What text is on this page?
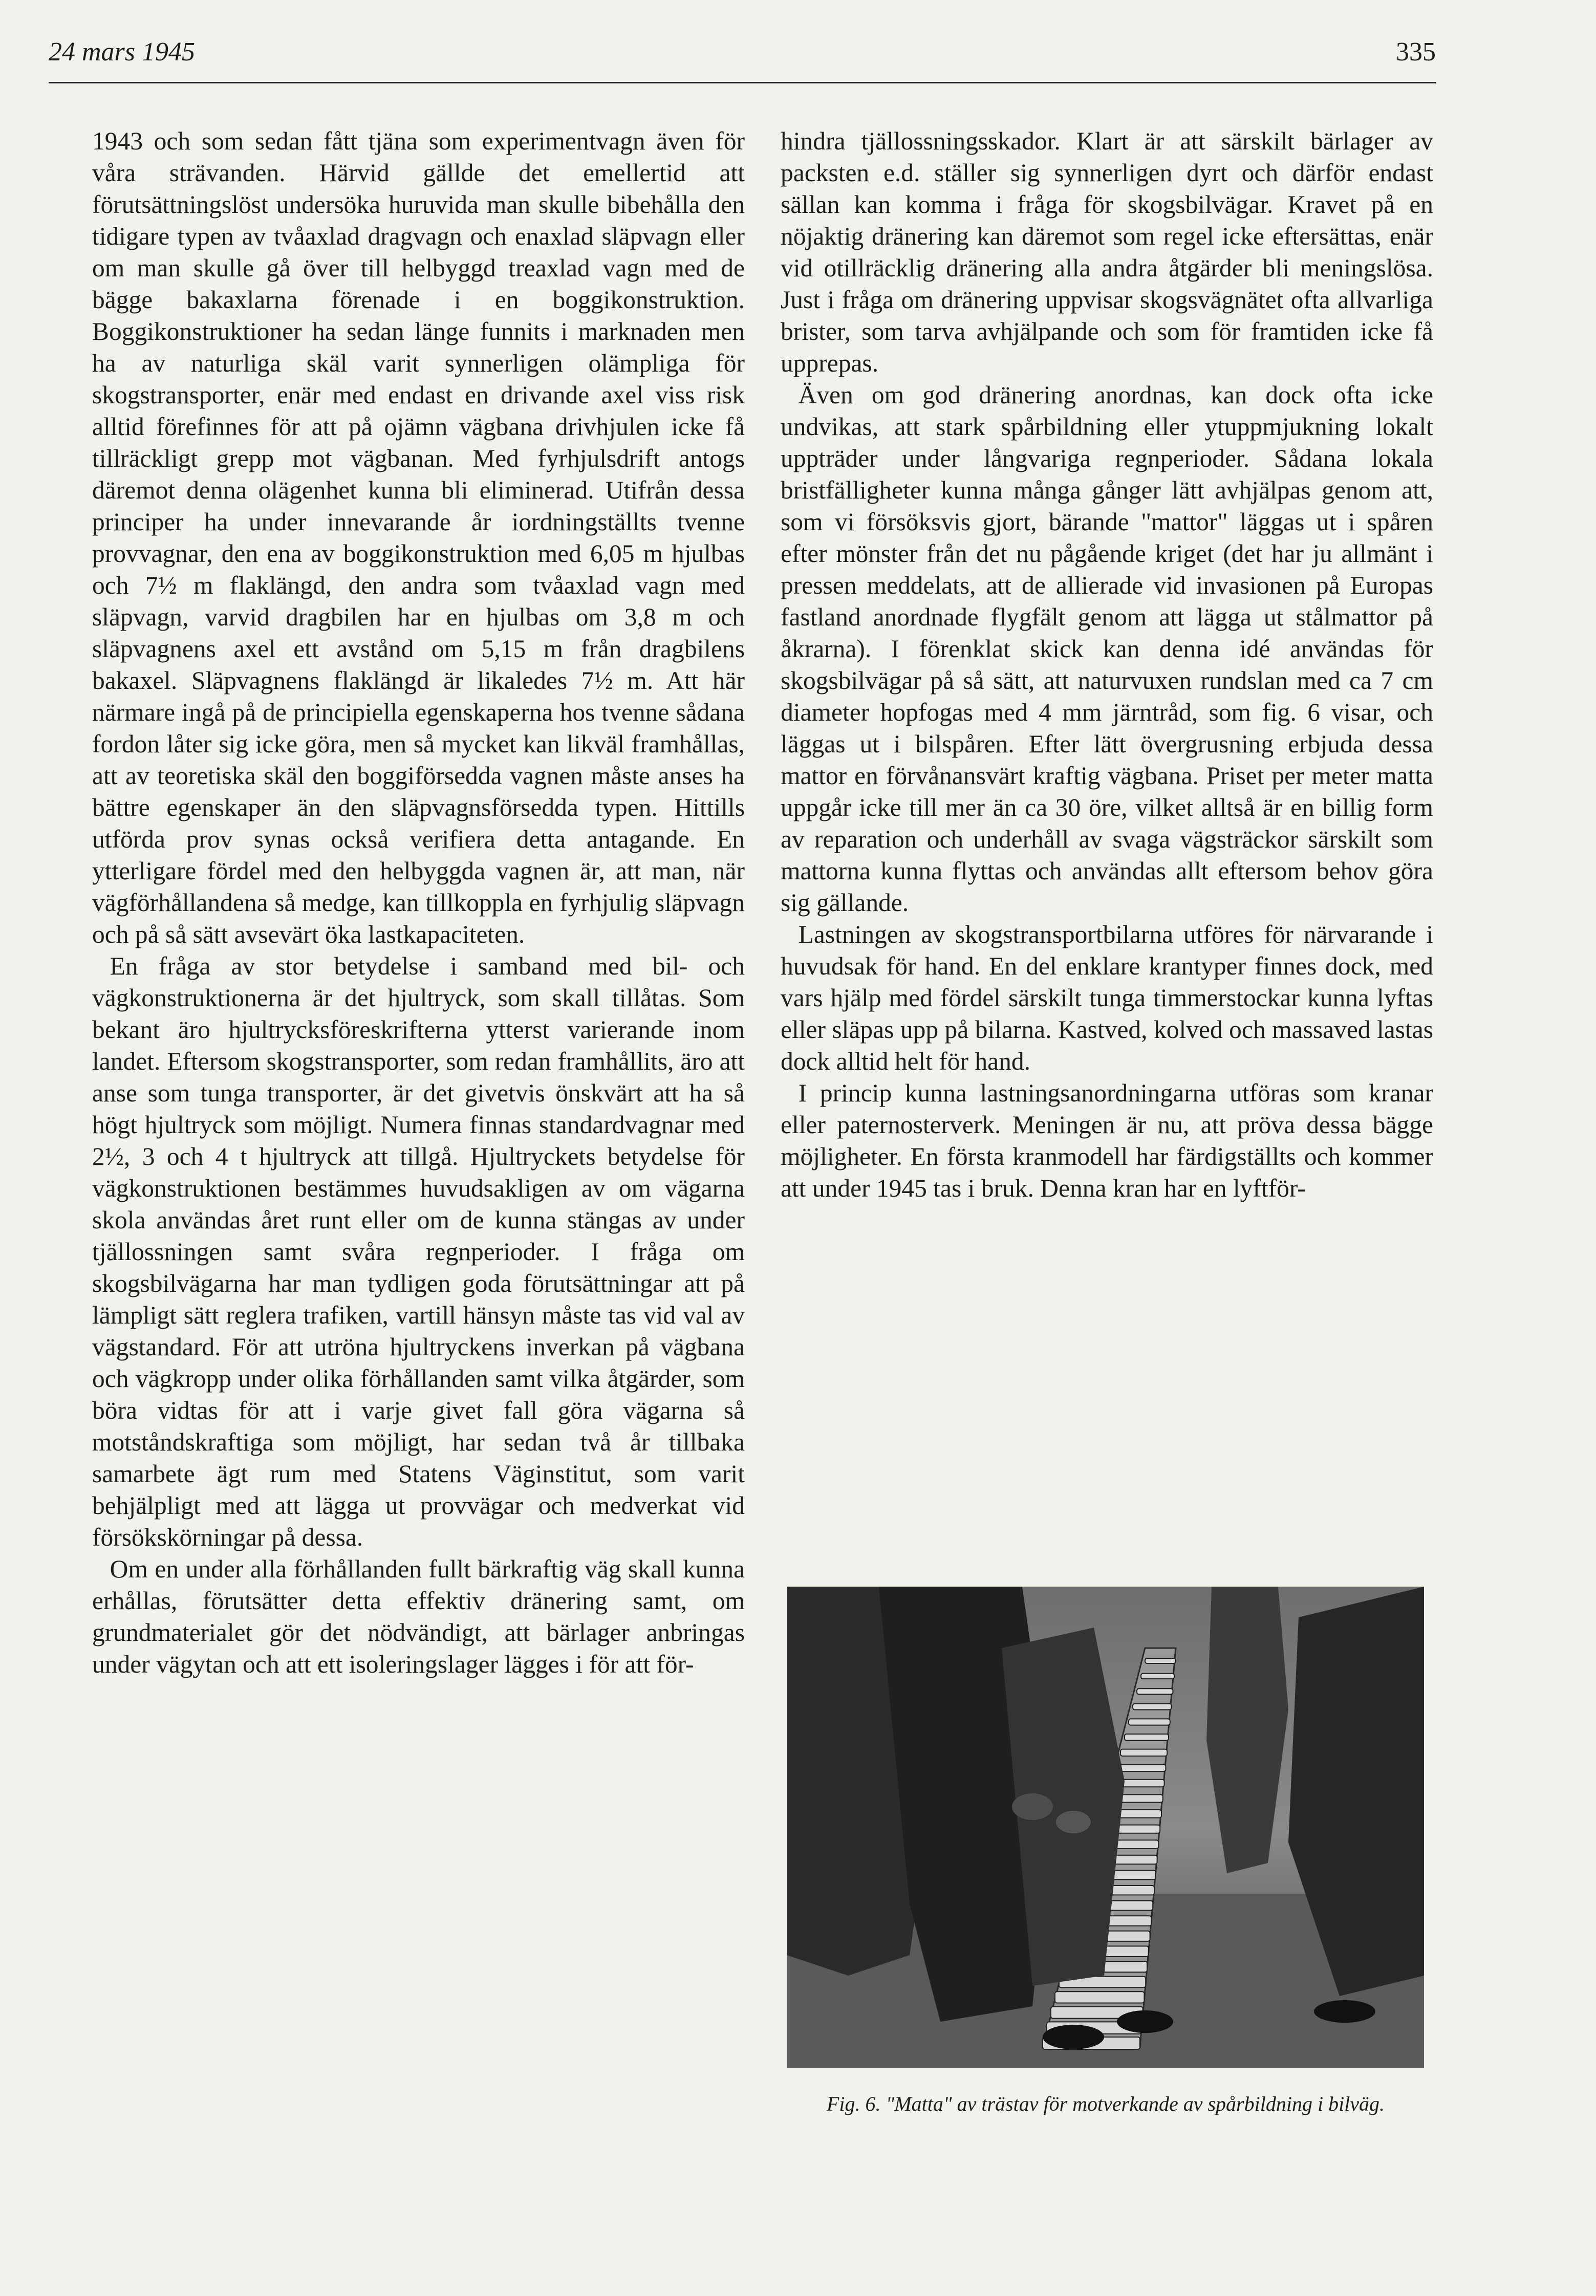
24 mars 1945	335

1943 och som sedan fått tjäna som experimentvagn även för våra strävanden. Härvid gällde det emellertid att förutsättningslöst undersöka huruvida man skulle bibehålla den tidigare typen av tvåaxlad dragvagn och enaxlad släpvagn eller om man skulle gå över till helbyggd treaxlad vagn med de bägge bakaxlarna förenade i en boggikonstruktion. Boggikonstruktioner ha sedan länge funnits i marknaden men ha av naturliga skäl varit synnerligen olämpliga för skogstransporter, enär med endast en drivande axel viss risk alltid förefinnes för att på ojämn vägbana drivhjulen icke få tillräckligt grepp mot vägbanan. Med fyrhjulsdrift antogs däremot denna olägenhet kunna bli eliminerad. Utifrån dessa principer ha under innevarande år iordningställts tvenne provvagnar, den ena av boggikonstruktion med 6,05 m hjulbas och 7½ m flaklängd, den andra som tvåaxlad vagn med släpvagn, varvid dragbilen har en hjulbas om 3,8 m och släpvagnens axel ett avstånd om 5,15 m från dragbilens bakaxel. Släpvagnens flaklängd är likaledes 7½ m. Att här närmare ingå på de principiella egenskaperna hos tvenne sådana fordon låter sig icke göra, men så mycket kan likväl framhållas, att av teoretiska skäl den boggiförsedda vagnen måste anses ha bättre egenskaper än den släpvagnsförsedda typen. Hittills utförda prov synas också verifiera detta antagande. En ytterligare fördel med den helbyggda vagnen är, att man, när vägförhållandena så medge, kan tillkoppla en fyrhjulig släpvagn och på så sätt avsevärt öka lastkapaciteten.

En fråga av stor betydelse i samband med bil- och vägkonstruktionerna är det hjultryck, som skall tillåtas. Som bekant äro hjultrycksföreskrifterna ytterst varierande inom landet. Eftersom skogstransporter, som redan framhållits, äro att anse som tunga transporter, är det givetvis önskvärt att ha så högt hjultryck som möjligt. Numera finnas standardvagnar med 2½, 3 och 4 t hjultryck att tillgå. Hjultryckets betydelse för vägkonstruktionen bestämmes huvudsakligen av om vägarna skola användas året runt eller om de kunna stängas av under tjällossningen samt svåra regnperioder. I fråga om skogsbilvägarna har man tydligen goda förutsättningar att på lämpligt sätt reglera trafiken, vartill hänsyn måste tas vid val av vägstandard. För att utröna hjultryckens inverkan på vägbana och vägkropp under olika förhållanden samt vilka åtgärder, som böra vidtas för att i varje givet fall göra vägarna så motståndskraftiga som möjligt, har sedan två år tillbaka samarbete ägt rum med Statens Väginstitut, som varit behjälpligt med att lägga ut provvägar och medverkat vid försökskörningar på dessa.

Om en under alla förhållanden fullt bärkraftig väg skall kunna erhållas, förutsätter detta effektiv dränering samt, om grundmaterialet gör det nödvändigt, att bärlager anbringas under vägytan och att ett isoleringslager lägges i för att för-

hindra tjällossningsskador. Klart är att särskilt bärlager av packsten e.d. ställer sig synnerligen dyrt och därför endast sällan kan komma i fråga för skogsbilvägar. Kravet på en nöjaktig dränering kan däremot som regel icke eftersättas, enär vid otillräcklig dränering alla andra åtgärder bli meningslösa. Just i fråga om dränering uppvisar skogsvägnätet ofta allvarliga brister, som tarva avhjälpande och som för framtiden icke få upprepas.

Även om god dränering anordnas, kan dock ofta icke undvikas, att stark spårbildning eller ytuppmjukning lokalt uppträder under långvariga regnperioder. Sådana lokala bristfälligheter kunna många gånger lätt avhjälpas genom att, som vi försöksvis gjort, bärande "mattor" läggas ut i spåren efter mönster från det nu pågående kriget (det har ju allmänt i pressen meddelats, att de allierade vid invasionen på Europas fastland anordnade flygfält genom att lägga ut stålmattor på åkrarna). I förenklat skick kan denna idé användas för skogsbilvägar på så sätt, att naturvuxen rundslan med ca 7 cm diameter hopfogas med 4 mm järntråd, som fig. 6 visar, och läggas ut i bilspåren. Efter lätt övergrusning erbjuda dessa mattor en förvånansvärt kraftig vägbana. Priset per meter matta uppgår icke till mer än ca 30 öre, vilket alltså är en billig form av reparation och underhåll av svaga vägsträckor särskilt som mattorna kunna flyttas och användas allt eftersom behov göra sig gällande.

Lastningen av skogstransportbilarna utföres för närvarande i huvudsak för hand. En del enklare krantyper finnes dock, med vars hjälp med fördel särskilt tunga timmerstockar kunna lyftas eller släpas upp på bilarna. Kastved, kolved och massaved lastas dock alltid helt för hand.

I princip kunna lastningsanordningarna utföras som kranar eller paternosterverk. Meningen är nu, att pröva dessa bägge möjligheter. En första kranmodell har färdigställts och kommer att under 1945 tas i bruk. Denna kran har en lyftför-

Fig. 6. "Matta" av trästav för motverkande av spårbildning i bilväg.
